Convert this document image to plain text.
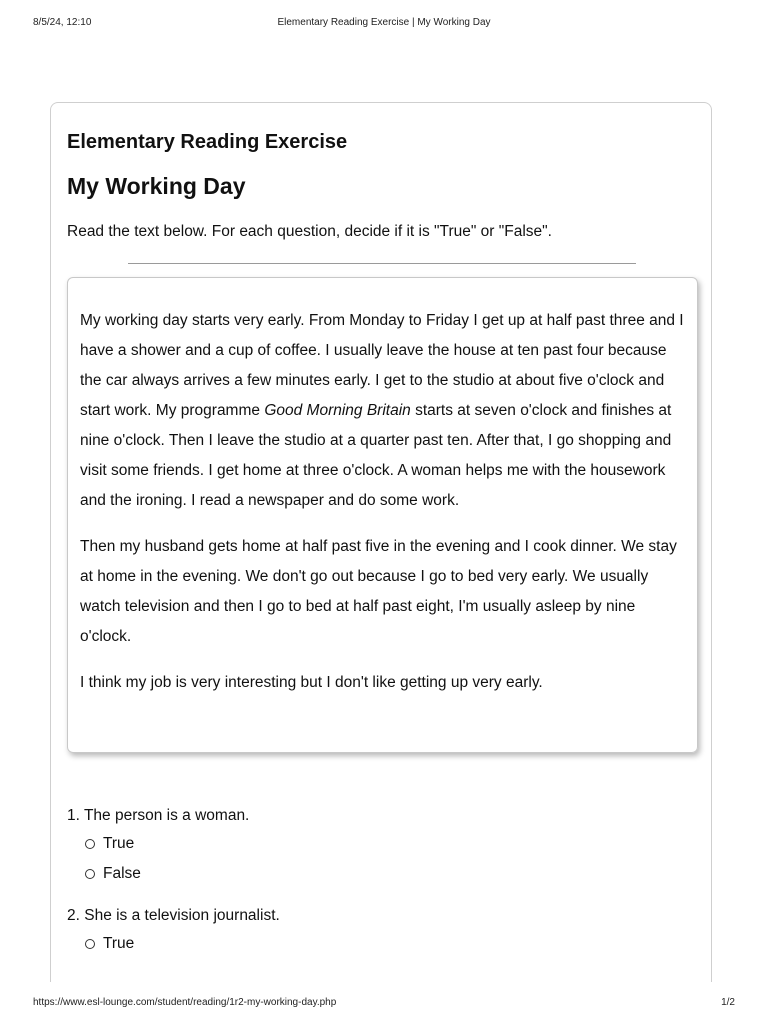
8/5/24, 12:10	Elementary Reading Exercise | My Working Day
Elementary Reading Exercise
My Working Day

Read the text below. For each question, decide if it is "True" or "False".

My working day starts very early. From Monday to Friday I get up at half past three and I have a shower and a cup of coffee. I usually leave the house at ten past four because the car always arrives a few minutes early. I get to the studio at about five o'clock and start work. My programme Good Morning Britain starts at seven o'clock and finishes at nine o'clock. Then I leave the studio at a quarter past ten. After that, I go shopping and visit some friends. I get home at three o'clock. A woman helps me with the housework and the ironing. I read a newspaper and do some work.

Then my husband gets home at half past five in the evening and I cook dinner. We stay at home in the evening. We don't go out because I go to bed very early. We usually watch television and then I go to bed at half past eight, I'm usually asleep by nine o'clock.

I think my job is very interesting but I don't like getting up very early.

1. The person is a woman.
True
False
2. She is a television journalist.
True
https://www.esl-lounge.com/student/reading/1r2-my-working-day.php	1/2
